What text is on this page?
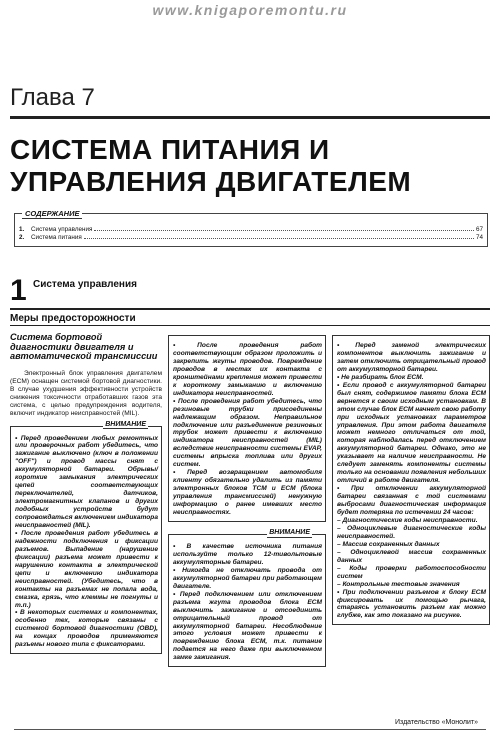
www.knigaporemontu.ru
Глава 7
СИСТЕМА ПИТАНИЯ И УПРАВЛЕНИЯ ДВИГАТЕЛЕМ
СОДЕРЖАНИЕ
1.	Система управления	67
2.	Система питания	74
1 Система управления
Меры предосторожности
Система бортовой диагностики двигателя и автоматической трансмиссии

Электронный блок управления двигателем (ECM) оснащен системой бортовой диагностики. В случае ухудшения эффективности устройств снижения токсичности отработавших газов эта система, с целью предупреждения водителя, включит индикатор неисправностей (MIL).

ВНИМАНИЕ

• Перед проведением любых ремонтных или проверочных работ убедитесь, что зажигание выключено (ключ в положении "OFF") и провод массы снят с аккумуляторной батареи. Обрывы/короткие замыкания электрических цепей соответствующих переключателей, датчиков, электромагнитных клапанов и других подобных устройств будут сопровождаться включением индикатора неисправностей (MIL).

• После проведения работ убедитесь в надежности подключения и фиксации разъемов. Выпадение (нарушение фиксации) разъема может привести к нарушению контакта в электрической цепи и включению индикатора неисправностей. (Убедитесь, что в контакты на разъемах не попала вода, смазка, грязь, что клеммы не погнуты и т.п.)

• В некоторых системах и компонентах, особенно тех, которые связаны с системой бортовой диагностики (OBD), на концах проводов применяются разъемы нового типа с фиксаторами.

• После проведения работ соответствующим образом проложить и закрепить жгуты проводов. Повреждение проводов в местах их контакта с кронштейнами крепления может привести к короткому замыканию и включению индикатора неисправностей.

• После проведения работ убедитесь, что резиновые трубки присоединены надлежащим образом. Неправильное подключение или разъединение резиновых трубок может привести к включению индикатора неисправностей (MIL) вследствие неисправности системы EVAP, системы впрыска топлива или других систем.

• Перед возвращением автомобиля клиенту обязательно удалить из памяти электронных блоков TCM и ECM (блока управления трансмиссией) ненужную информацию о ранее имевших место неисправностях.

ВНИМАНИЕ

• В качестве источника питания используйте только 12-тивольтовые аккумуляторные батареи.

• Никогда не отключать провода от аккумуляторной батареи при работающем двигателе.

• Перед подключением или отключением разъема жгута проводов блока ECM выключить зажигание и отсоединить отрицательный провод от аккумуляторной батареи. Несоблюдение этого условия может привести к повреждению блока ECM, т.к. питание подается на него даже при выключенном замке зажигания.

• Перед заменой электрических компонентов выключить зажигание и затем отключить отрицательный провод от аккумуляторной батареи.

• Не разбирать блок ECM.

• Если провод с аккумуляторной батареи был снят, содержимое памяти блока ECM вернется к своим исходным установкам. В этом случае блок ECM начнет свою работу при исходных установках параметров управления. При этом работа двигателя может немного отличаться от той, которая наблюдалась перед отключением аккумуляторной батареи. Однако, это не указывает на наличие неисправности. Не следует заменять компоненты системы только на основании появления небольших отличий в работе двигателя.

• При отключении аккумуляторной батареи связанная с той системами выбросами диагностическая информация будет потеряна по истечении 24 часов:

– Диагностические коды неисправности.

– Одноциклевые диагностические коды неисправностей.

– Массив сохраненных данных

– Одноциклевой массив сохраненных данных

– Коды проверки работоспособности систем

– Контрольные тестовые значения

• При подключении разъемов к блоку ECM фиксировать их помощью рычага, стараясь установить разъем как можно глубже, как это показано на рисунке.

Издательство «Монолит»
